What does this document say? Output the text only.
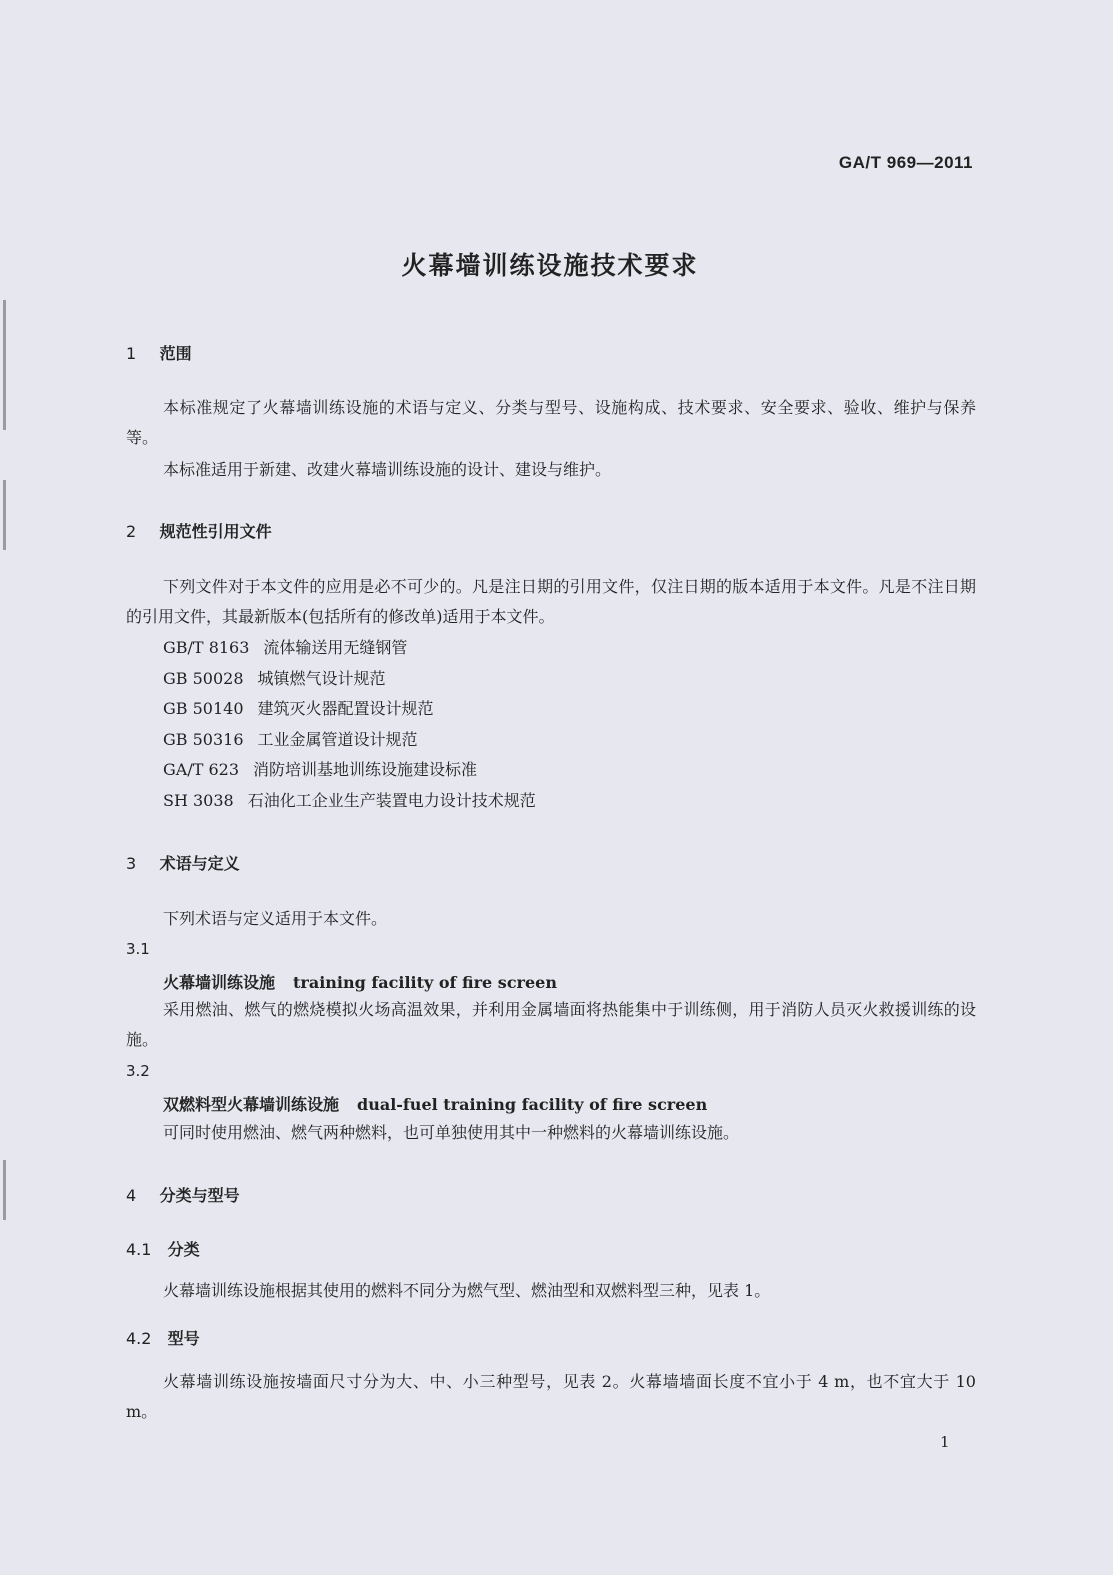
GA/T 969—2011
火幕墙训练设施技术要求
1 范围
本标准规定了火幕墙训练设施的术语与定义、分类与型号、设施构成、技术要求、安全要求、验收、维护与保养等。
本标准适用于新建、改建火幕墙训练设施的设计、建设与维护。
2 规范性引用文件
下列文件对于本文件的应用是必不可少的。凡是注日期的引用文件，仅注日期的版本适用于本文件。凡是不注日期的引用文件，其最新版本(包括所有的修改单)适用于本文件。
GB/T 8163 流体输送用无缝钢管
GB 50028 城镇燃气设计规范
GB 50140 建筑灭火器配置设计规范
GB 50316 工业金属管道设计规范
GA/T 623 消防培训基地训练设施建设标准
SH 3038 石油化工企业生产装置电力设计技术规范
3 术语与定义
下列术语与定义适用于本文件。
3.1
火幕墙训练设施 training facility of fire screen
采用燃油、燃气的燃烧模拟火场高温效果，并利用金属墙面将热能集中于训练侧，用于消防人员灭火救援训练的设施。
3.2
双燃料型火幕墙训练设施 dual-fuel training facility of fire screen
可同时使用燃油、燃气两种燃料，也可单独使用其中一种燃料的火幕墙训练设施。
4 分类与型号
4.1 分类
火幕墙训练设施根据其使用的燃料不同分为燃气型、燃油型和双燃料型三种，见表 1。
4.2 型号
火幕墙训练设施按墙面尺寸分为大、中、小三种型号，见表 2。火幕墙墙面长度不宜小于 4 m，也不宜大于 10 m。
1
